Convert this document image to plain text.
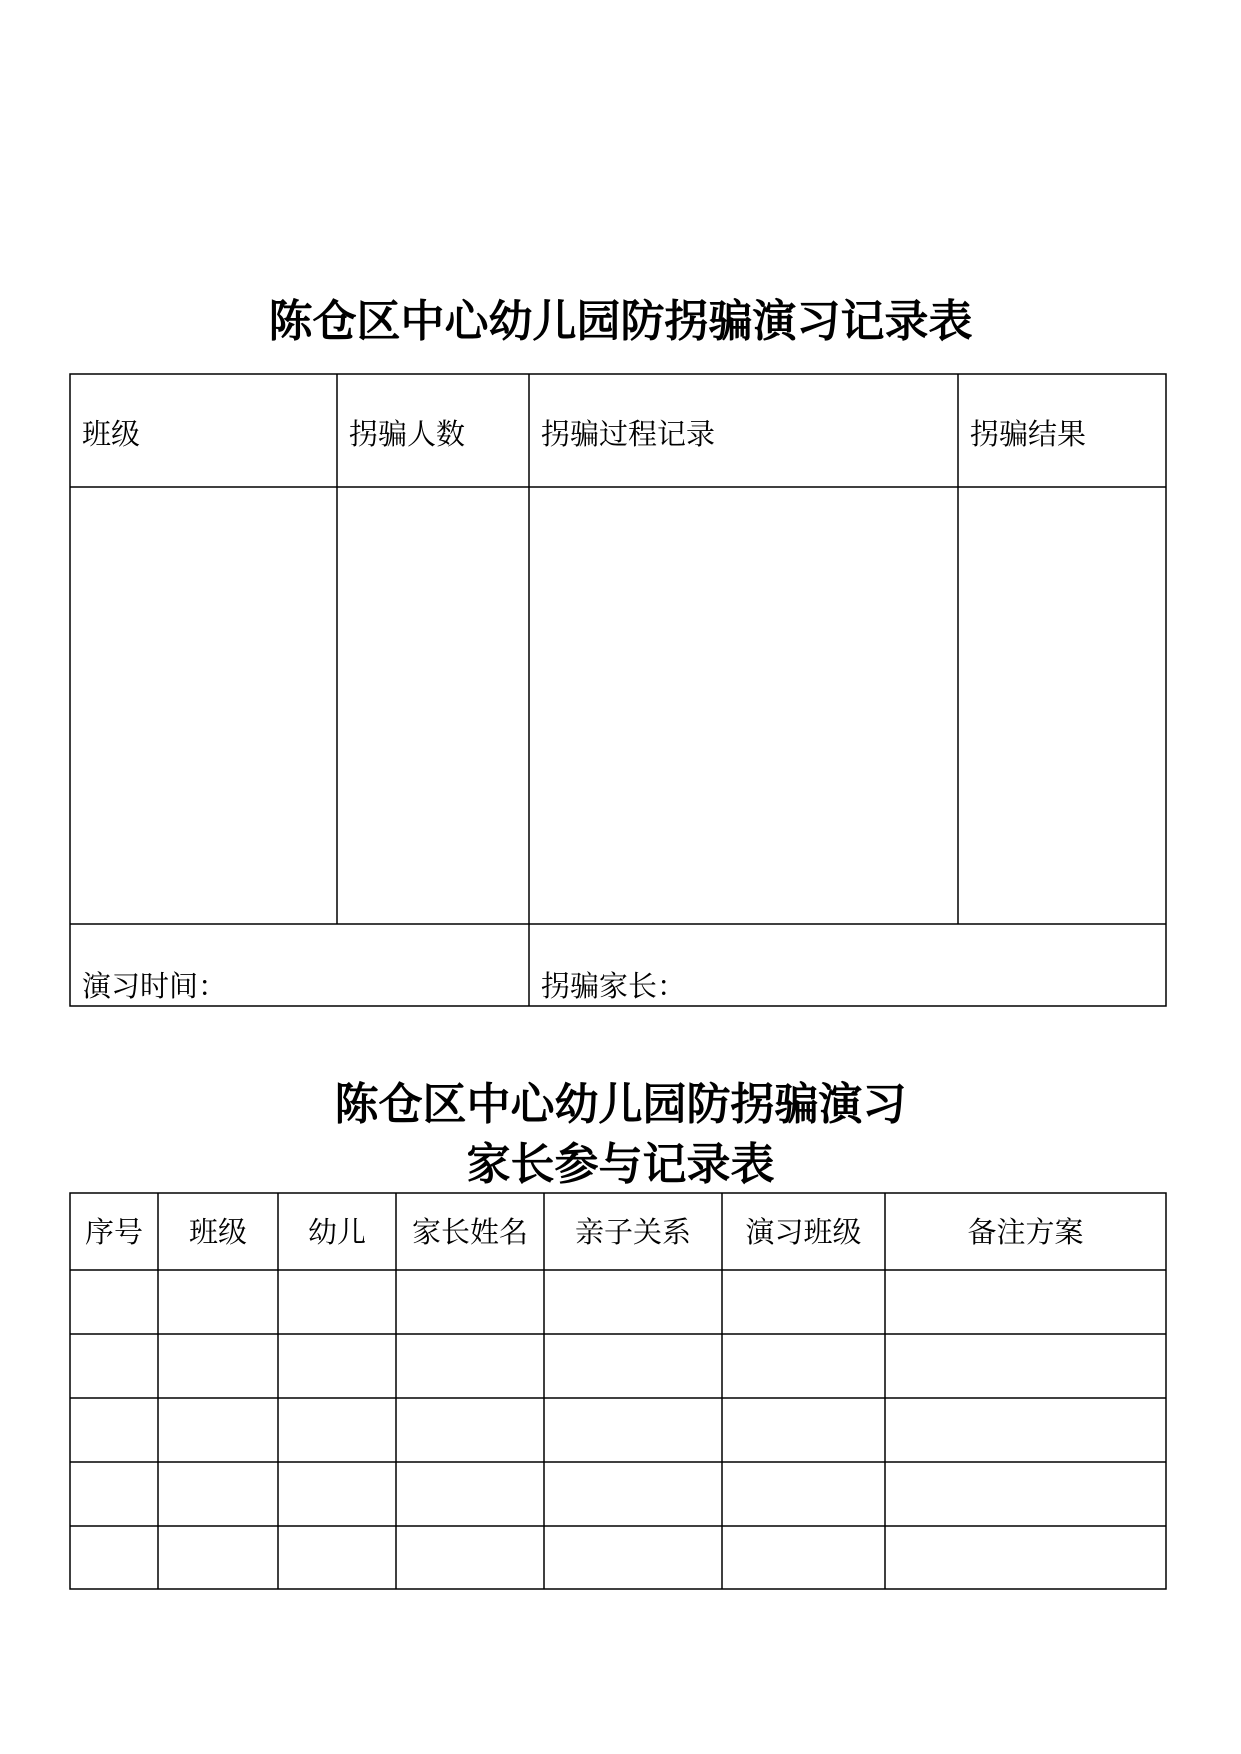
陈仓区中心幼儿园防拐骗演习记录表
班级	拐骗人数	拐骗过程记录	拐骗结果
演习时间：	拐骗家长：
陈仓区中心幼儿园防拐骗演习
家长参与记录表
序号	班级	幼儿	家长姓名	亲子关系	演习班级	备注方案
